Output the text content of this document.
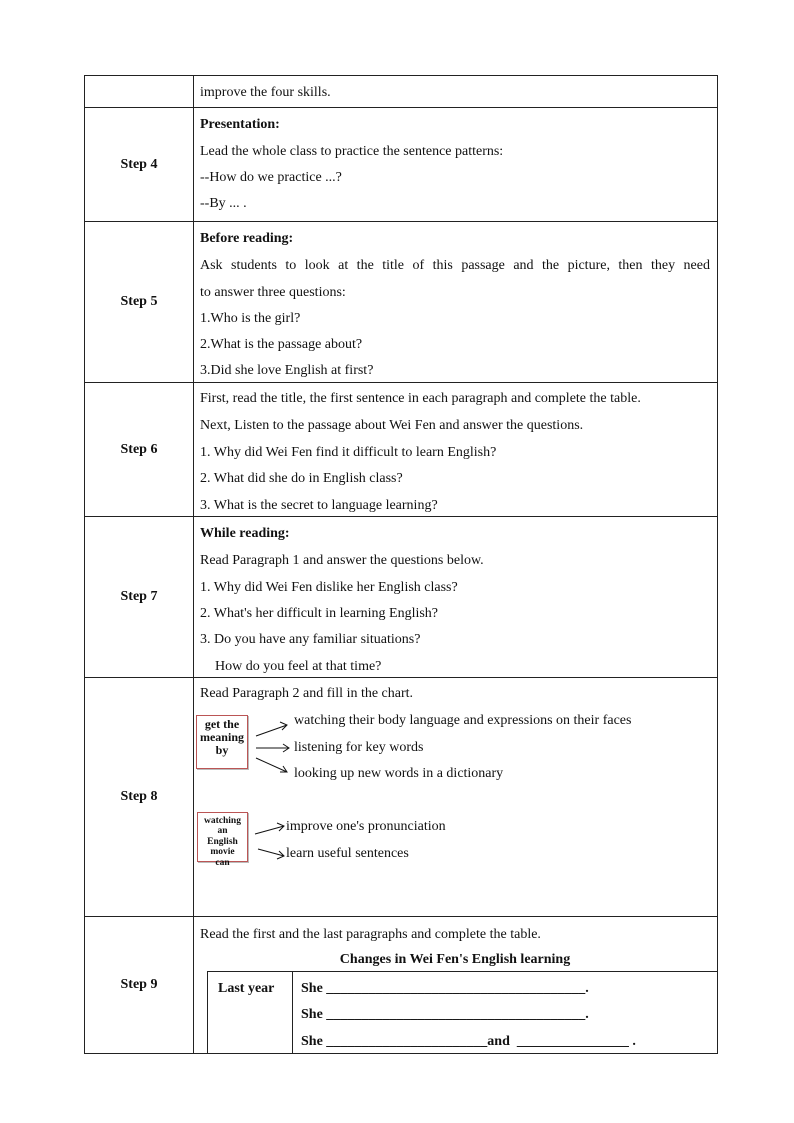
improve the four skills.
Step 4
Presentation:
Lead the whole class to practice the sentence patterns:
--How do we practice ...?
--By ... .
Step 5
Before reading:
Ask students to look at the title of this passage and the picture, then they need
to answer three questions:
1.Who is the girl?
2.What is the passage about?
3.Did she love English at first?
Step 6
First, read the title, the first sentence in each paragraph and complete the table.
Next, Listen to the passage about Wei Fen and answer the questions.
1. Why did Wei Fen find it difficult to learn English?
2. What did she do in English class?
3. What is the secret to language learning?
Step 7
While reading:
Read Paragraph 1 and answer the questions below.
1. Why did Wei Fen dislike her English class?
2. What's her difficult in learning English?
3. Do you have any familiar situations?
How do you feel at that time?
Step 8
Read Paragraph 2 and fill in the chart.
get the
meaning
by
watching their body language and expressions on their faces
listening for key words
looking up new words in a dictionary
watching an
English
movie
can
improve one's pronunciation
learn useful sentences
Step 9
Read the first and the last paragraphs and complete the table.
Changes in Wei Fen's English learning
Last year She _____________________________________.
She _____________________________________.
She _______________________and  ________________ .
